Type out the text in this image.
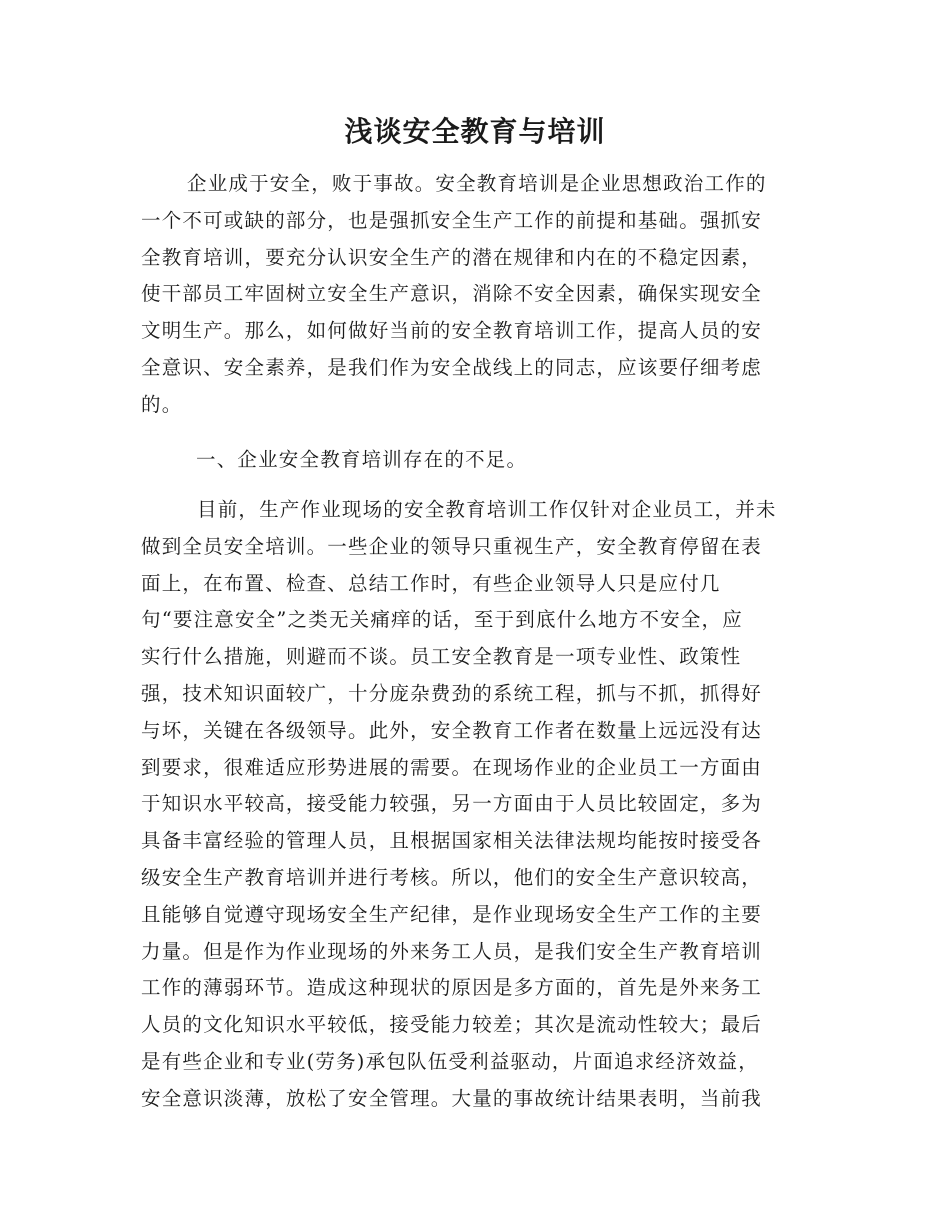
浅谈安全教育与培训
企业成于安全，败于事故。安全教育培训是企业思想政治工作的
一个不可或缺的部分，也是强抓安全生产工作的前提和基础。强抓安
全教育培训，要充分认识安全生产的潜在规律和内在的不稳定因素，
使干部员工牢固树立安全生产意识，消除不安全因素，确保实现安全
文明生产。那么，如何做好当前的安全教育培训工作，提高人员的安
全意识、安全素养，是我们作为安全战线上的同志，应该要仔细考虑
的。
一、企业安全教育培训存在的不足。
目前，生产作业现场的安全教育培训工作仅针对企业员工，并未
做到全员安全培训。一些企业的领导只重视生产，安全教育停留在表
面上，在布置、检查、总结工作时，有些企业领导人只是应付几
句“要注意安全”之类无关痛痒的话，至于到底什么地方不安全，应
实行什么措施，则避而不谈。员工安全教育是一项专业性、政策性
强，技术知识面较广，十分庞杂费劲的系统工程，抓与不抓，抓得好
与坏，关键在各级领导。此外，安全教育工作者在数量上远远没有达
到要求，很难适应形势进展的需要。在现场作业的企业员工一方面由
于知识水平较高，接受能力较强，另一方面由于人员比较固定，多为
具备丰富经验的管理人员，且根据国家相关法律法规均能按时接受各
级安全生产教育培训并进行考核。所以，他们的安全生产意识较高，
且能够自觉遵守现场安全生产纪律，是作业现场安全生产工作的主要
力量。但是作为作业现场的外来务工人员，是我们安全生产教育培训
工作的薄弱环节。造成这种现状的原因是多方面的，首先是外来务工
人员的文化知识水平较低，接受能力较差；其次是流动性较大；最后
是有些企业和专业(劳务)承包队伍受利益驱动，片面追求经济效益，
安全意识淡薄，放松了安全管理。大量的事故统计结果表明，当前我
